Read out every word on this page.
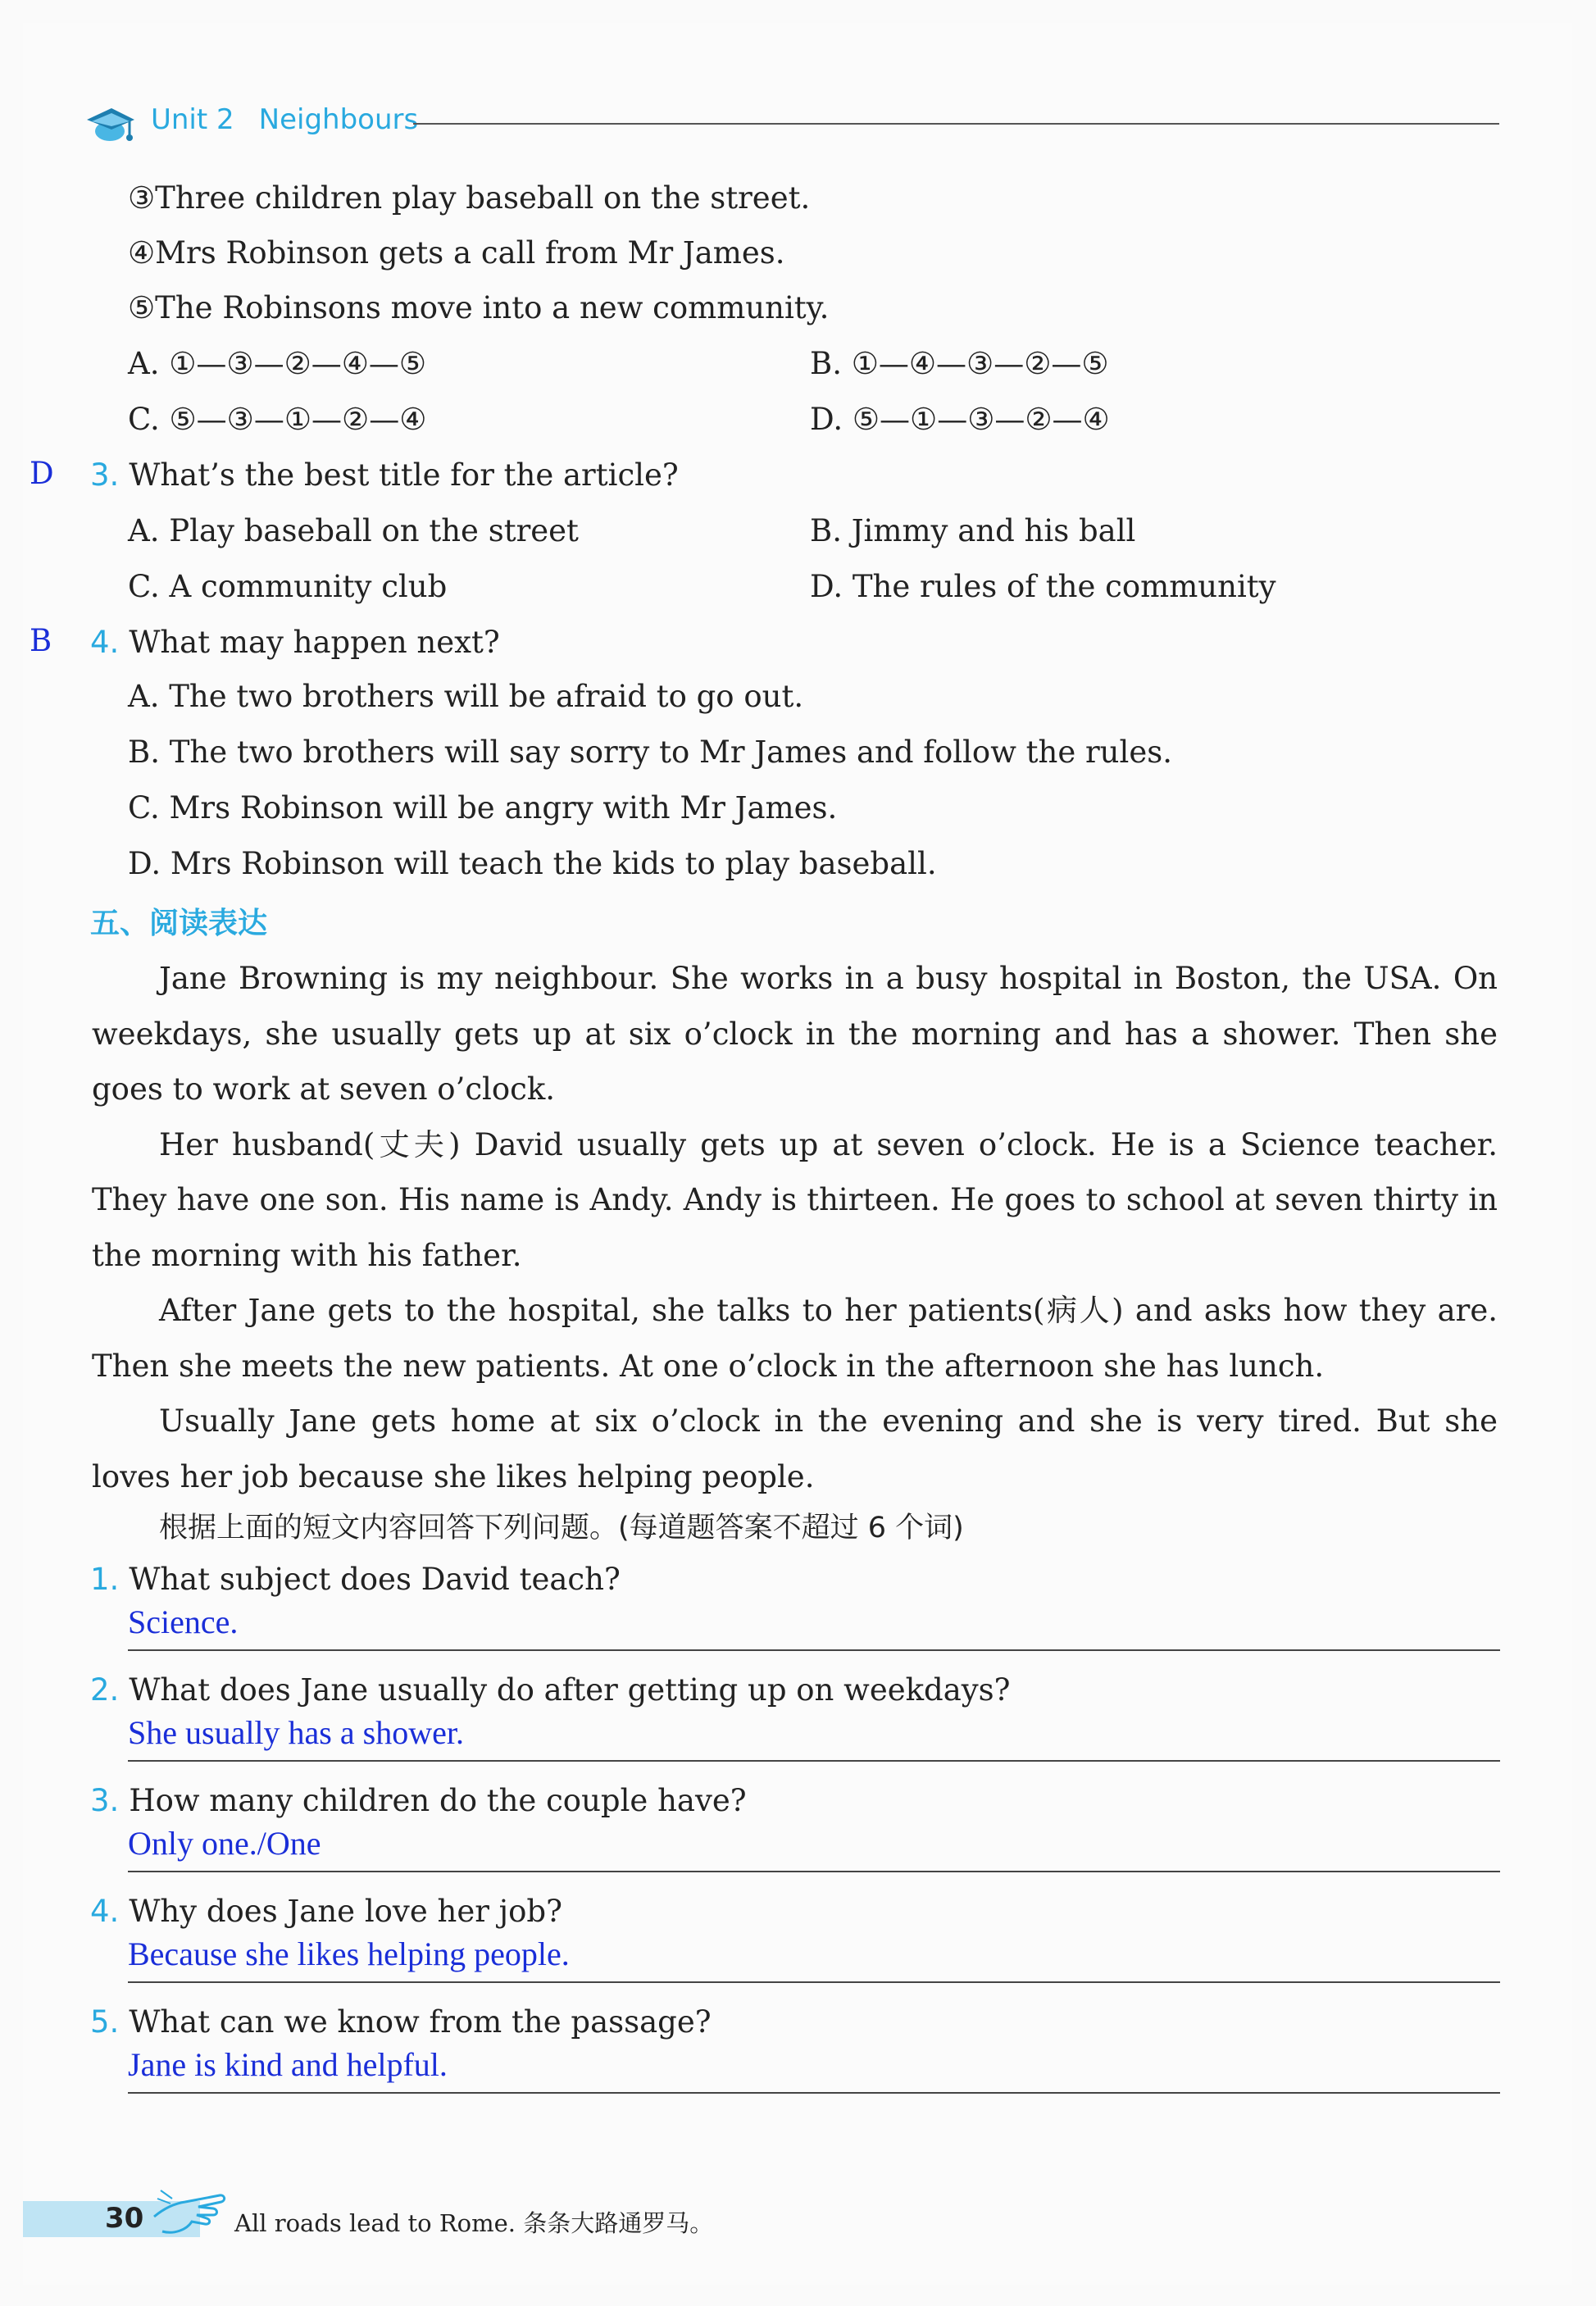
Unit 2 Neighbours
③Three children play baseball on the street.
④Mrs Robinson gets a call from Mr James.
⑤The Robinsons move into a new community.
A. ①—③—②—④—⑤	B. ①—④—③—②—⑤
C. ⑤—③—①—②—④	D. ⑤—①—③—②—④
D 3. What’s the best title for the article?
A. Play baseball on the street	B. Jimmy and his ball
C. A community club	D. The rules of the community
B 4. What may happen next?
A. The two brothers will be afraid to go out.
B. The two brothers will say sorry to Mr James and follow the rules.
C. Mrs Robinson will be angry with Mr James.
D. Mrs Robinson will teach the kids to play baseball.
五、阅读表达

Jane Browning is my neighbour. She works in a busy hospital in Boston, the USA. On weekdays, she usually gets up at six o’clock in the morning and has a shower. Then she goes to work at seven o’clock.

Her husband(丈夫) David usually gets up at seven o’clock. He is a Science teacher. They have one son. His name is Andy. Andy is thirteen. He goes to school at seven thirty in the morning with his father.

After Jane gets to the hospital, she talks to her patients(病人) and asks how they are. Then she meets the new patients. At one o’clock in the afternoon she has lunch.

Usually Jane gets home at six o’clock in the evening and she is very tired. But she loves her job because she likes helping people.

根据上面的短文内容回答下列问题。(每道题答案不超过 6 个词)
1. What subject does David teach?
Science.
2. What does Jane usually do after getting up on weekdays?
She usually has a shower.
3. How many children do the couple have?
Only one./One
4. Why does Jane love her job?
Because she likes helping people.
5. What can we know from the passage?
Jane is kind and helpful.
30	All roads lead to Rome. 条条大路通罗马。
